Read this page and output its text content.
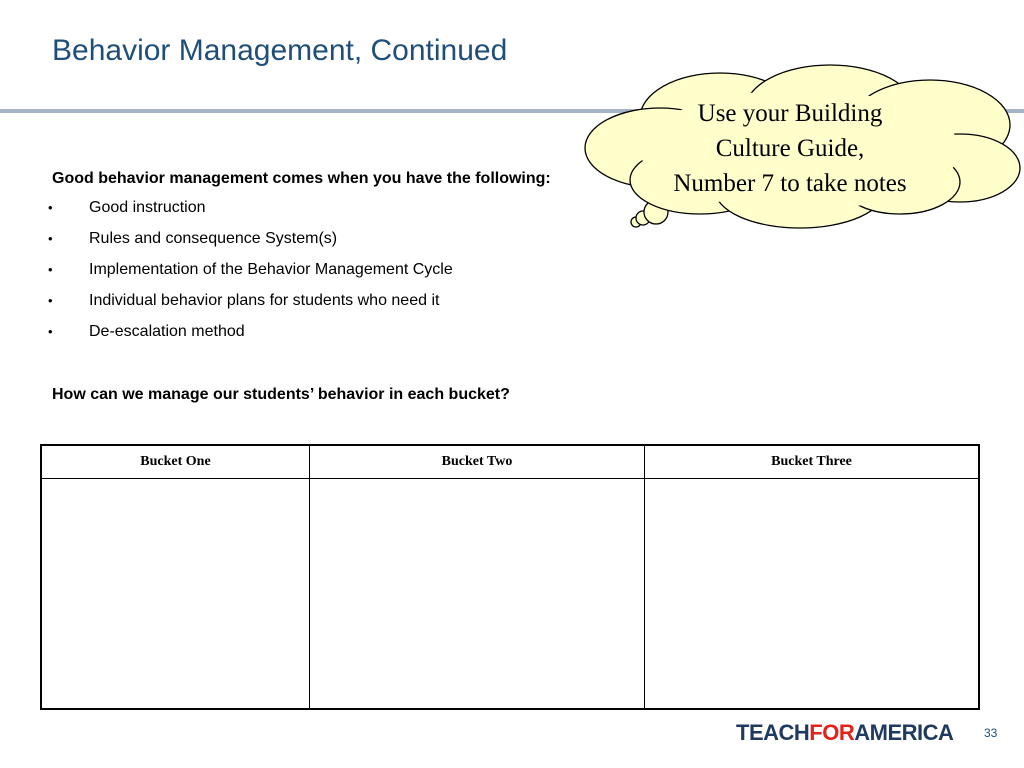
Behavior Management, Continued
Good behavior management comes when you have the following:
• Good instruction
• Rules and consequence System(s)
• Implementation of the Behavior Management Cycle
• Individual behavior plans for students who need it
• De-escalation method
How can we manage our students’ behavior in each bucket?
Bucket One	Bucket Two	Bucket Three

Use your Building
Culture Guide,
Number 7 to take notes
TEACHFORAMERICA	33
